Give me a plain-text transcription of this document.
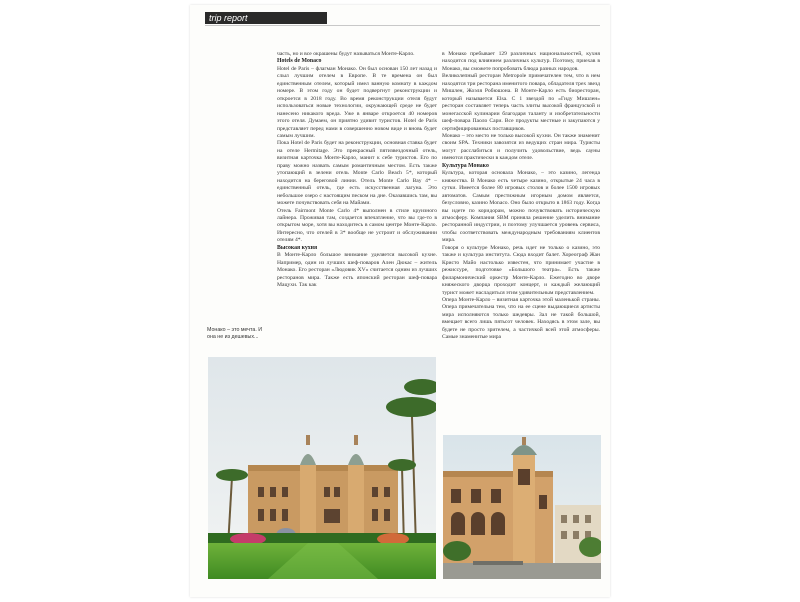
trip report
Монако – это мечта. И она не из дешевых...

часть, но и все окрашены будут называться Монте-Карло.

Hotels de Monaco

Hotel de Paris – флагман Монако. Он был основан 150 лет назад и слыл лучшим отелем в Европе. В те времена он был единственным отелем, который имел ванную комнату в каждом номере. В этом году он будет подвергнут реконструкции и откроется в 2018 году. Во время реконструкции отеля будут использоваться новые технологии, окружающей среде не будет нанесено никакого вреда. Уже в январе откроется 40 номеров этого отеля. Думаем, он приятно удивит туристов. Hotel de Paris представляет перед нами в совершенно новом виде и вновь будет самым лучшим.

Пока Hotel de Paris будет на реконструкции, основная ставка будет на отеле Hermitage. Это прекрасный пятизвездочный отель, визитная карточка Монте-Карло, манит к себе туристов. Его по праву можно назвать самым романтичным местом. Есть также утопающий в зелени отель Monte Carlo Beach 5*, который находится на береговой линии. Отель Monte Carlo Bay 4* – единственный отель, где есть искусственная лагуна. Это небольшое озеро с настоящим песком на дне. Оказавшись там, вы можете почувствовать себя на Майами.

Отель Fairmont Monte Carlo 4* выполнен в стиле круизного лайнера. Проживая там, создается впечатление, что вы где-то в открытом море, хотя вы находитесь в самом центре Монте-Карло. Интересно, что отелей в 3* вообще не устроит и обслуживании отелям 4*.

Высокая кухня

В Монте-Карло большое внимание уделяется высокой кухне. Например, один из лучших шеф-поваров Ален Дюкас – житель Монако. Его ресторан «Людовик XV» считается одним из лучших ресторанов мира. Также есть японский ресторан шеф-повара Мацухи. Так как

в Монако пребывает 129 различных национальностей, кухня находится под влиянием различных культур. Поэтому, приехав в Монако, вы сможете попробовать блюда разных народов.

Великолепный ресторан Metropole примечателен тем, что в нем находятся три ресторана именитого повара, обладателя трех звезд Мишлен, Жоэля Робюшона. В Монте-Карло есть биоресторан, который называется Elsa. С 1 звездой по «Гиду Мишлен» ресторан составляет теперь часть элиты высокой французской и монегасской кулинарии благодаря таланту и изобретательности шеф-повара Паоло Сари. Все продукты местные и закупаются у сертифицированных поставщиков.

Монако – это место не только высокой кухни. Он также знаменит своим SPA. Техники завозятся из ведущих стран мира. Туристы могут расслабиться и получить удовольствие, ведь сауны имеются практически в каждом отеле.

Культура Монако

Культура, которая основала Монако, – это казино, легенда княжества. В Монако есть четыре казино, открытые 24 часа в сутки. Имеется более 80 игровых столов и более 1500 игровых автоматов. Самым престижным игорным домом является, безусловно, казино Monaco. Оно было открыто в 1863 году. Когда вы идете по коридорам, можно почувствовать историческую атмосферу. Компания SBM приняла решение уделить внимание ресторанной индустрии, и поэтому улучшается уровень сервиса, чтобы соответствовать международным требованиям клиентов мира.

Говоря о культуре Монако, речь идет не только о казино, это также и культура института. Сюда входит балет. Хореограф Жан Кристо Майо настолько известен, что принимает участие в режиссуре, подготовке «Большого театра». Есть также филармонический оркестр Монте-Карло. Ежегодно во дворе княжеского дворца проходит концерт, и каждый желающий турист может насладиться этим удивительным представлением.

Опера Монте-Карло – визитная карточка этой маленькой страны. Опера примечательна тем, что на ее сцене выдающиеся артисты мира исполняются только шедевры. Зал не такой большой, вмещает всего лишь пятьсот человек. Находясь в этом зале, вы будете не просто зрителем, а частичкой всей этой атмосферы. Самые знаменитые мира
